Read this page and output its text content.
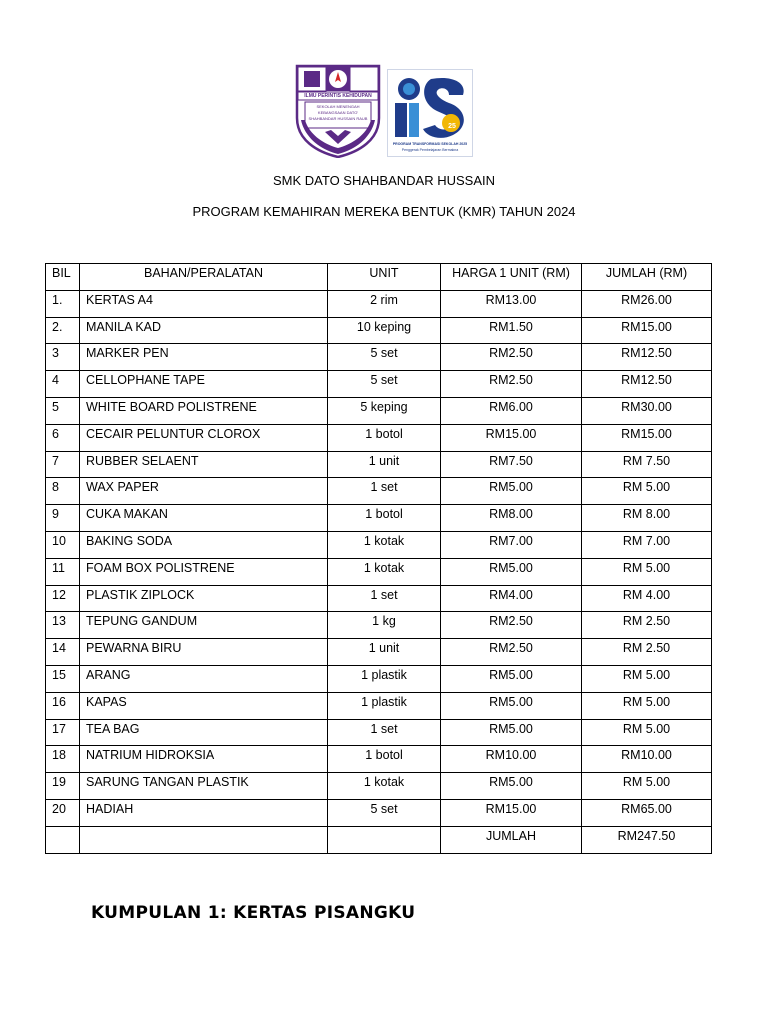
ILMU PERINTIS KEHIDUPAN
SEKOLAH MENENGAH
KEBANGSAAN DATO'
SHAHBANDAR HUSSAIN RAUB
25
PROGRAM TRANSFORMASI SEKOLAH 2025
Penggerak Pembelajaran Bermakna
SMK DATO SHAHBANDAR HUSSAIN
PROGRAM KEMAHIRAN MEREKA BENTUK (KMR) TAHUN 2024
BIL	BAHAN/PERALATAN	UNIT	HARGA 1 UNIT (RM)	JUMLAH (RM)
1.	KERTAS A4	2 rim	RM13.00	RM26.00
2.	MANILA KAD	10 keping	RM1.50	RM15.00
3	MARKER PEN	5 set	RM2.50	RM12.50
4	CELLOPHANE TAPE	5 set	RM2.50	RM12.50
5	WHITE BOARD POLISTRENE	5 keping	RM6.00	RM30.00
6	CECAIR PELUNTUR CLOROX	1 botol	RM15.00	RM15.00
7	RUBBER SELAENT	1 unit	RM7.50	RM 7.50
8	WAX PAPER	1 set	RM5.00	RM 5.00
9	CUKA MAKAN	1 botol	RM8.00	RM 8.00
10	BAKING SODA	1 kotak	RM7.00	RM 7.00
11	FOAM BOX POLISTRENE	1 kotak	RM5.00	RM 5.00
12	PLASTIK ZIPLOCK	1 set	RM4.00	RM 4.00
13	TEPUNG GANDUM	1 kg	RM2.50	RM 2.50
14	PEWARNA BIRU	1 unit	RM2.50	RM 2.50
15	ARANG	1 plastik	RM5.00	RM 5.00
16	KAPAS	1 plastik	RM5.00	RM 5.00
17	TEA BAG	1 set	RM5.00	RM 5.00
18	NATRIUM HIDROKSIA	1 botol	RM10.00	RM10.00
19	SARUNG TANGAN PLASTIK	1 kotak	RM5.00	RM 5.00
20	HADIAH	5 set	RM15.00	RM65.00
			JUMLAH	RM247.50
KUMPULAN 1: KERTAS PISANGKU
